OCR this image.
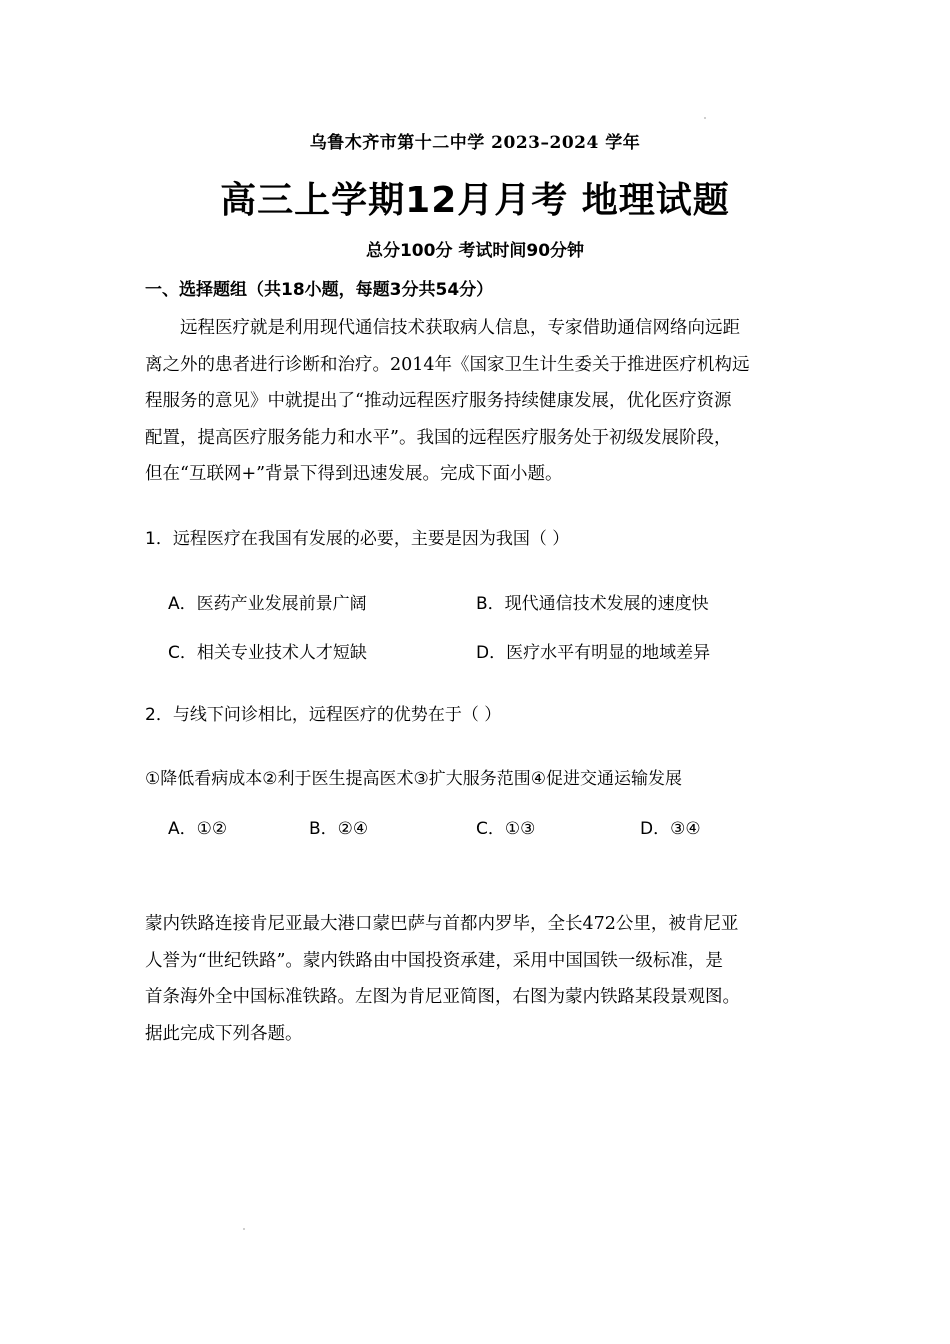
乌鲁木齐市第十二中学 2023–2024 学年
高三上学期12月月考 地理试题
总分100分 考试时间90分钟
一、选择题组（共18小题，每题3分共54分）
远程医疗就是利用现代通信技术获取病人信息，专家借助通信网络向远距
离之外的患者进行诊断和治疗。2014年《国家卫生计生委关于推进医疗机构远
程服务的意见》中就提出了“推动远程医疗服务持续健康发展，优化医疗资源
配置，提高医疗服务能力和水平”。我国的远程医疗服务处于初级发展阶段，
但在“互联网+”背景下得到迅速发展。完成下面小题。
1．远程医疗在我国有发展的必要，主要是因为我国（ ）
A．医药产业发展前景广阔	B．现代通信技术发展的速度快
C．相关专业技术人才短缺	D．医疗水平有明显的地域差异
2．与线下问诊相比，远程医疗的优势在于（ ）
①降低看病成本②利于医生提高医术③扩大服务范围④促进交通运输发展
A．①②	B．②④	C．①③	D．③④
蒙内铁路连接肯尼亚最大港口蒙巴萨与首都内罗毕，全长472公里，被肯尼亚
人誉为“世纪铁路”。蒙内铁路由中国投资承建，采用中国国铁一级标准，是
首条海外全中国标准铁路。左图为肯尼亚简图，右图为蒙内铁路某段景观图。
据此完成下列各题。
